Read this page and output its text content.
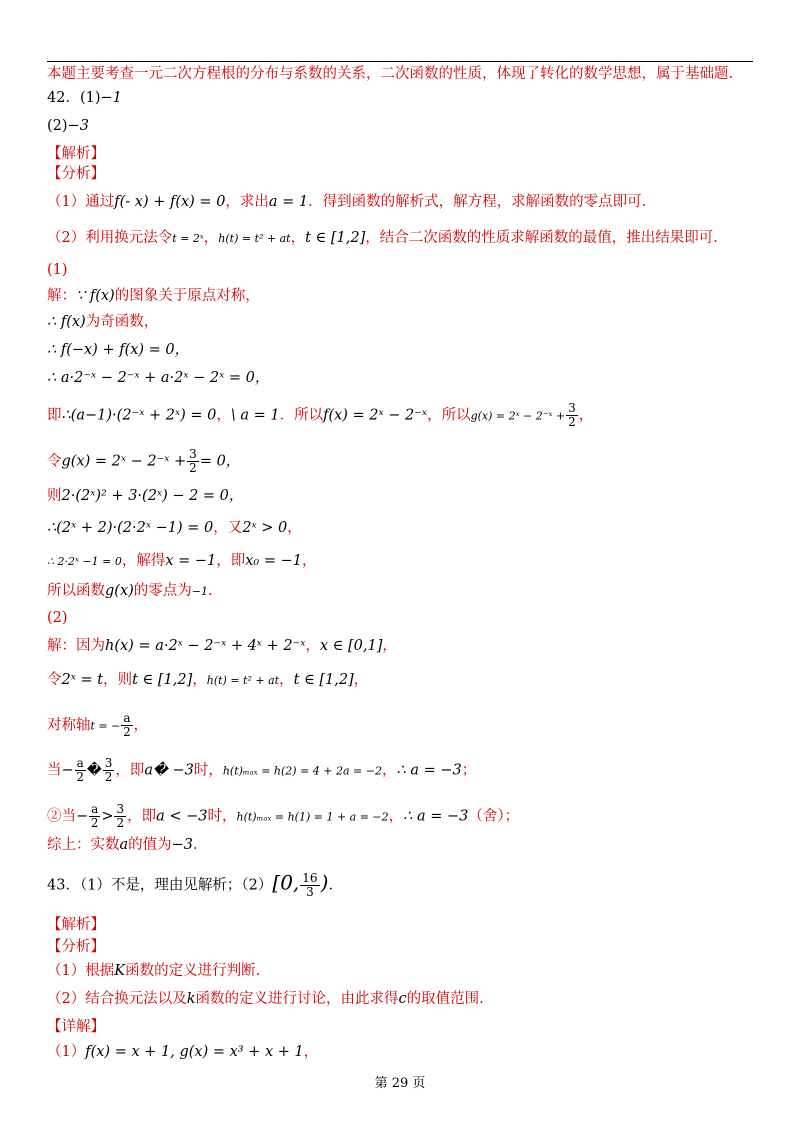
本题主要考查一元二次方程根的分布与系数的关系，二次函数的性质，体现了转化的数学思想，属于基础题.
42．(1)−1
(2)−3
【解析】
【分析】
（1）通过f(- x) + f(x) = 0，求出a = 1．得到函数的解析式，解方程，求解函数的零点即可.
（2）利用换元法令t = 2ˣ，h(t) = t² + at，t ∈ [1,2]，结合二次函数的性质求解函数的最值，推出结果即可.
(1)
解：∵ f(x)的图象关于原点对称，
∴ f(x)为奇函数，
∴ f(−x) + f(x) = 0，
∴ a·2⁻ˣ − 2⁻ˣ + a·2ˣ − 2ˣ = 0，
即∴(a−1)·(2⁻ˣ + 2ˣ) = 0，\ a = 1．所以f(x) = 2ˣ − 2⁻ˣ，所以g(x) = 2ˣ − 2⁻ˣ + $\frac{3}{2}$ ，
令g(x) = 2ˣ − 2⁻ˣ + $\frac{3}{2} = 0$，
则2·(2ˣ)² + 3·(2ˣ) − 2 = 0，
∴(2ˣ + 2)·(2·2ˣ −1) = 0，又2ˣ > 0，
∴ 2·2ˣ −1 = 0，解得x = −1，即x₀ = −1，
所以函数g(x)的零点为−1.
(2)
解：因为h(x) = a·2ˣ − 2⁻ˣ + 4ˣ + 2⁻ˣ，x ∈ [0,1]，
令2ˣ = t，则t ∈ [1,2]，h(t) = t² + at，t ∈ [1,2]，
对称轴t = − $\frac{a}{2}$ ，
当− $\frac{a}{2}$ � $\frac{3}{2}$ ，即a� −3时，h(t)ₘₐₓ = h(2) = 4 + 2a = −2，∴ a = −3；
②当− $\frac{a}{2} > \frac{3}{2}$ ，即a < −3时，h(t)ₘₐₓ = h(1) = 1 + a = −2，∴ a = −3（舍）；
综上：实数a的值为−3.
43．（1）不是，理由见解析；（2）[0, $\frac{16}{3}$ ).
【解析】
【分析】
（1）根据K函数的定义进行判断.
（2）结合换元法以及k函数的定义进行讨论，由此求得c的取值范围.
【详解】
（1）f(x) = x + 1, g(x) = x³ + x + 1，
第 29 页
